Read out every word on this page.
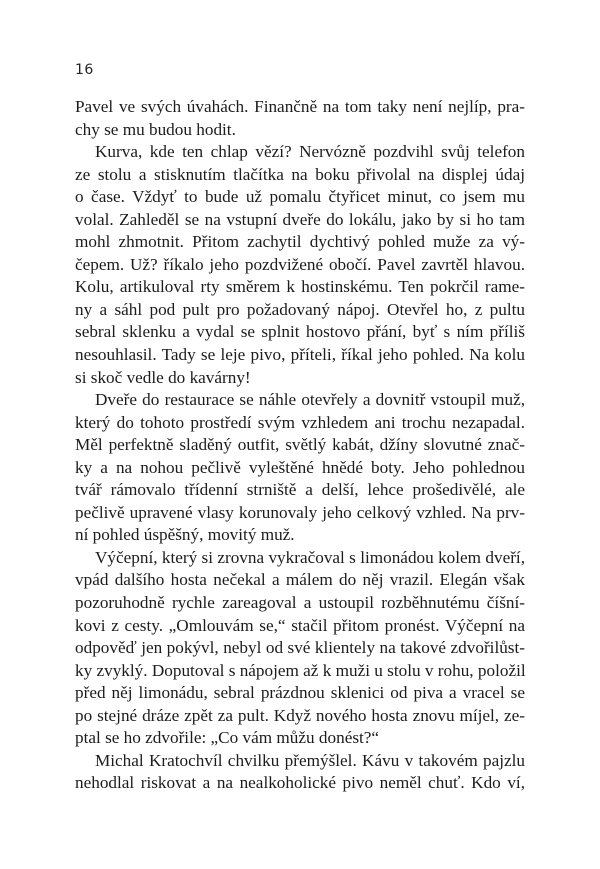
16
Pavel ve svých úvahách. Finančně na tom taky není nejlíp, pra-
chy se mu budou hodit.
Kurva, kde ten chlap vězí? Nervózně pozdvihl svůj telefon
ze stolu a stisknutím tlačítka na boku přivolal na displej údaj
o čase. Vždyť to bude už pomalu čtyřicet minut, co jsem mu
volal. Zahleděl se na vstupní dveře do lokálu, jako by si ho tam
mohl zhmotnit. Přitom zachytil dychtivý pohled muže za vý-
čepem. Už? říkalo jeho pozdvižené obočí. Pavel zavrtěl hlavou.
Kolu, artikuloval rty směrem k hostinskému. Ten pokrčil rame-
ny a sáhl pod pult pro požadovaný nápoj. Otevřel ho, z pultu
sebral sklenku a vydal se splnit hostovo přání, byť s ním příliš
nesouhlasil. Tady se leje pivo, příteli, říkal jeho pohled. Na kolu
si skoč vedle do kavárny!
Dveře do restaurace se náhle otevřely a dovnitř vstoupil muž,
který do tohoto prostředí svým vzhledem ani trochu nezapadal.
Měl perfektně sladěný outfit, světlý kabát, džíny slovutné znač-
ky a na nohou pečlivě vyleštěné hnědé boty. Jeho pohlednou
tvář rámovalo třídenní strniště a delší, lehce prošedivělé, ale
pečlivě upravené vlasy korunovaly jeho celkový vzhled. Na prv-
ní pohled úspěšný, movitý muž.
Výčepní, který si zrovna vykračoval s limonádou kolem dveří,
vpád dalšího hosta nečekal a málem do něj vrazil. Elegán však
pozoruhodně rychle zareagoval a ustoupil rozběhnutému číšní-
kovi z cesty. „Omlouvám se,“ stačil přitom pronést. Výčepní na
odpověď jen pokývl, nebyl od své klientely na takové zdvořilůst-
ky zvyklý. Doputoval s nápojem až k muži u stolu v rohu, položil
před něj limonádu, sebral prázdnou sklenici od piva a vracel se
po stejné dráze zpět za pult. Když nového hosta znovu míjel, ze-
ptal se ho zdvořile: „Co vám můžu donést?“
Michal Kratochvíl chvilku přemýšlel. Kávu v takovém pajzlu
nehodlal riskovat a na nealkoholické pivo neměl chuť. Kdo ví,
